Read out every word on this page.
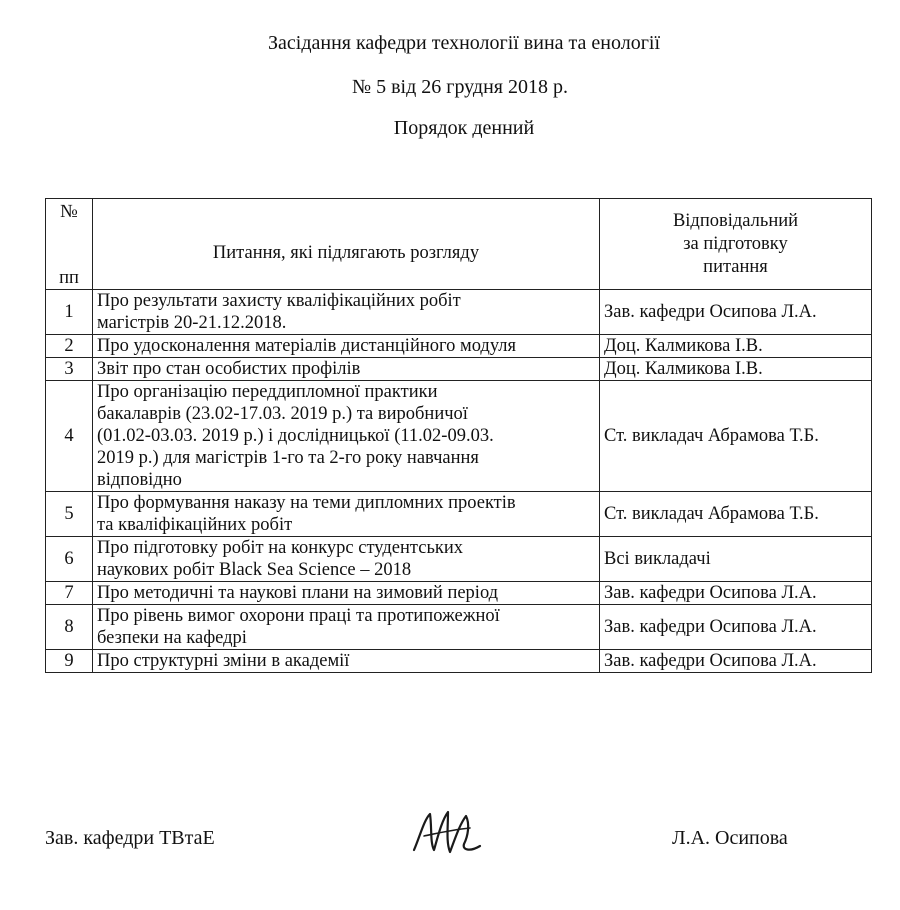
Засідання кафедри технології вина та енології
№ 5 від 26 грудня 2018 р.
Порядок денний
№
пп	Питання, які підлягають розгляду	Відповідальний
за підготовку
питання

1	Про результати захисту кваліфікаційних робіт
магістрів 20-21.12.2018.	Зав. кафедри Осипова Л.А.
2	Про удосконалення матеріалів дистанційного модуля	Доц. Калмикова І.В.
3	Звіт про стан особистих профілів	Доц. Калмикова І.В.
4	Про організацію переддипломної практики
бакалаврів (23.02-17.03. 2019 р.) та виробничої
(01.02-03.03. 2019 р.) і дослідницької (11.02-09.03.
2019 р.) для магістрів 1-го та 2-го року навчання
відповідно	Ст. викладач Абрамова Т.Б.
5	Про формування наказу на теми дипломних проектів
та кваліфікаційних робіт	Ст. викладач Абрамова Т.Б.
6	Про підготовку робіт на конкурс студентських
наукових робіт Black Sea Science – 2018	Всі викладачі
7	Про методичні та наукові плани на зимовий період	Зав. кафедри Осипова Л.А.
8	Про рівень вимог охорони праці та протипожежної
безпеки на кафедрі	Зав. кафедри Осипова Л.А.
9	Про структурні зміни в академії	Зав. кафедри Осипова Л.А.
Зав. кафедри ТВтаЕ	Л.А. Осипова
